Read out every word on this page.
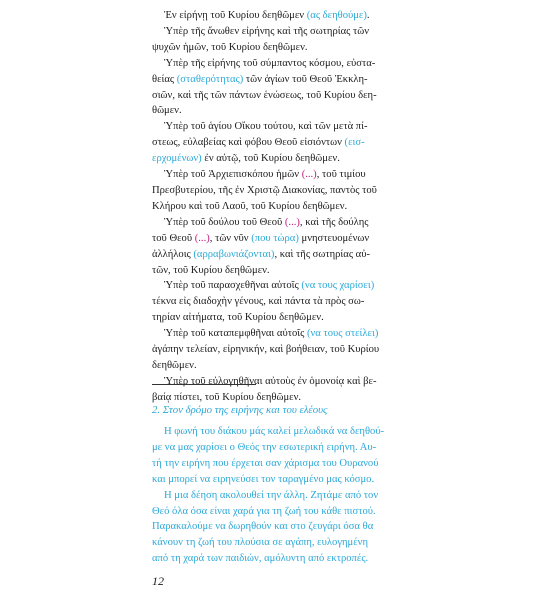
Ἐν εἰρήνῃ τοῦ Κυρίου δεηθῶμεν (ας δεηθούμε).
Ὑπὲρ τῆς ἄνωθεν εἰρήνης καὶ τῆς σωτηρίας τῶν
ψυχῶν ἡμῶν, τοῦ Κυρίου δεηθῶμεν.
Ὑπὲρ τῆς εἰρήνης τοῦ σύμπαντος κόσμου, εὐστα-
θείας (σταθερότητας) τῶν ἁγίων τοῦ Θεοῦ Ἐκκλη-
σιῶν, καὶ τῆς τῶν πάντων ἑνώσεως, τοῦ Κυρίου δεη-
θῶμεν.
Ὑπὲρ τοῦ ἁγίου Οἴκου τούτου, καὶ τῶν μετὰ πί-
στεως, εὐλαβείας καὶ φόβου Θεοῦ εἰσιόντων (εισ-
ερχομένων) ἐν αὐτῷ, τοῦ Κυρίου δεηθῶμεν.
Ὑπὲρ τοῦ Ἀρχιεπισκόπου ἡμῶν (...), τοῦ τιμίου
Πρεσβυτερίου, τῆς ἐν Χριστῷ Διακονίας, παντὸς τοῦ
Κλήρου καὶ τοῦ Λαοῦ, τοῦ Κυρίου δεηθῶμεν.
Ὑπὲρ τοῦ δούλου τοῦ Θεοῦ (...), καὶ τῆς δούλης
τοῦ Θεοῦ (...), τῶν νῦν (που τώρα) μνηστευομένων
ἀλλήλοις (αρραβωνιάζονται), καὶ τῆς σωτηρίας αὐ-
τῶν, τοῦ Κυρίου δεηθῶμεν.
Ὑπὲρ τοῦ παρασχεθῆναι αὐτοῖς (να τους χαρίσει)
τέκνα εἰς διαδοχὴν γένους, καὶ πάντα τὰ πρὸς σω-
τηρίαν αἰτήματα, τοῦ Κυρίου δεηθῶμεν.
Ὑπὲρ τοῦ καταπεμφθῆναι αὐτοῖς (να τους στείλει)
ἀγάπην τελείαν, εἰρηνικήν, καὶ βοήθειαν, τοῦ Κυρίου
δεηθῶμεν.
Ὑπὲρ τοῦ εὐλογηθῆναι αὐτοὺς ἐν ὁμονοίᾳ καὶ βε-
βαίᾳ πίστει, τοῦ Κυρίου δεηθῶμεν.

2. Στον δρόμο της ειρήνης και του ελέους

Η φωνή του διάκου μάς καλεί μελωδικά να δεηθού-
με να μας χαρίσει ο Θεός την εσωτερική ειρήνη. Αυ-
τή την ειρήνη που έρχεται σαν χάρισμα του Ουρανού
και μπορεί να ειρηνεύσει τον ταραγμένο μας κόσμο.
Η μια δέηση ακολουθεί την άλλη. Ζητάμε από τον
Θεό όλα όσα είναι χαρά για τη ζωή του κάθε πιστού.
Παρακαλούμε να δωρηθούν και στο ζευγάρι όσα θα
κάνουν τη ζωή του πλούσια σε αγάπη, ευλογημένη
από τη χαρά των παιδιών, αμόλυντη από εκτροπές.
12
